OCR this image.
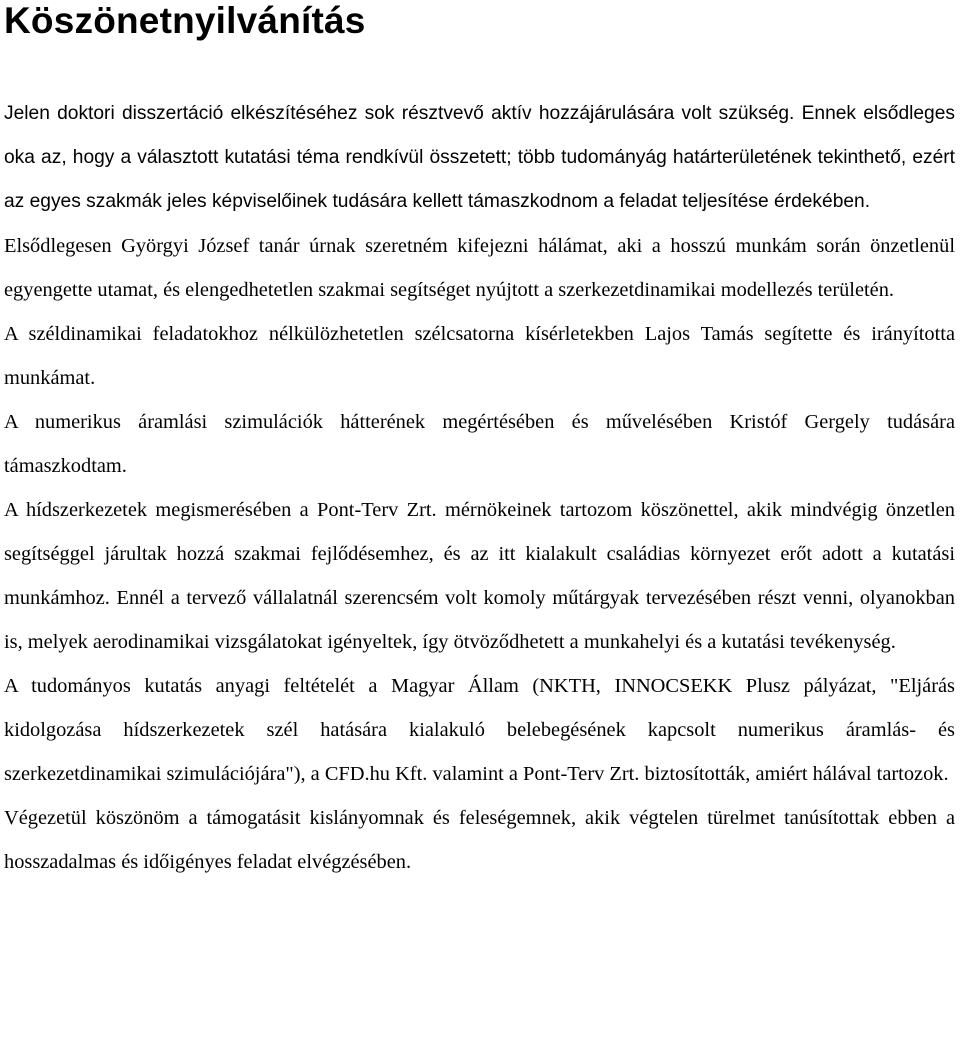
Köszönetnyilvánítás

Jelen doktori disszertáció elkészítéséhez sok résztvevő aktív hozzájárulására volt szükség. Ennek elsődleges oka az, hogy a választott kutatási téma rendkívül összetett; több tudományág határterületének tekinthető, ezért az egyes szakmák jeles képviselőinek tudására kellett támaszkodnom a feladat teljesítése érdekében.

Elsődlegesen Györgyi József tanár úrnak szeretném kifejezni hálámat, aki a hosszú munkám során önzetlenül egyengette utamat, és elengedhetetlen szakmai segítséget nyújtott a szerkezetdinamikai modellezés területén.

A széldinamikai feladatokhoz nélkülözhetetlen szélcsatorna kísérletekben Lajos Tamás segítette és irányította munkámat.

A numerikus áramlási szimulációk hátterének megértésében és művelésében Kristóf Gergely tudására támaszkodtam.

A hídszerkezetek megismerésében a Pont-Terv Zrt. mérnökeinek tartozom köszönettel, akik mindvégig önzetlen segítséggel járultak hozzá szakmai fejlődésemhez, és az itt kialakult családias környezet erőt adott a kutatási munkámhoz. Ennél a tervező vállalatnál szerencsém volt komoly műtárgyak tervezésében részt venni, olyanokban is, melyek aerodinamikai vizsgálatokat igényeltek, így ötvöződhetett a munkahelyi és a kutatási tevékenység.

A tudományos kutatás anyagi feltételét a Magyar Állam (NKTH, INNOCSEKK Plusz pályázat, "Eljárás kidolgozása hídszerkezetek szél hatására kialakuló belebegésének kapcsolt numerikus áramlás- és szerkezetdinamikai szimulációjára"), a CFD.hu Kft. valamint a Pont-Terv Zrt. biztosították, amiért hálával tartozok.

Végezetül köszönöm a támogatásit kislányomnak és feleségemnek, akik végtelen türelmet tanúsítottak ebben a hosszadalmas és időigényes feladat elvégzésében.
